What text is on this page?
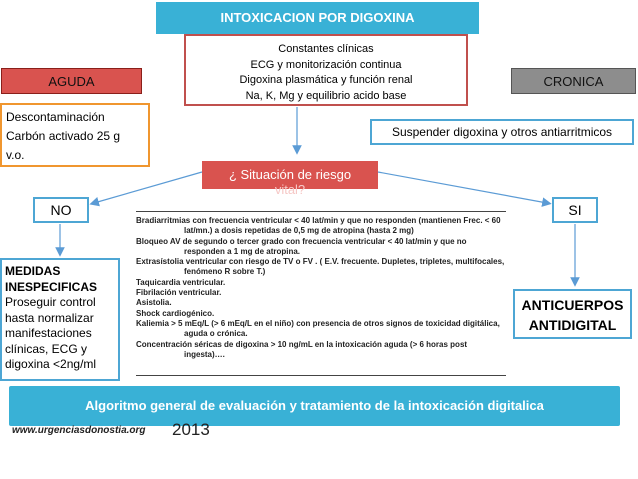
INTOXICACION POR DIGOXINA
Constantes clínicas
ECG y monitorización continua
Digoxina plasmática y función renal
Na, K, Mg y equilibrio acido base
AGUDA	CRONICA
Descontaminación
Carbón activado 25 g
v.o.
Suspender digoxina y otros antiarritmicos
¿ Situación de riesgo
vital?
NO	SI
MEDIDAS
INESPECIFICAS
Proseguir control
hasta normalizar
manifestaciones
clínicas, ECG y
digoxina <2ng/ml
ANTICUERPOS
ANTIDIGITAL
Bradiarritmias con frecuencia ventricular < 40 lat/min y que no responden (mantienen Frec. < 60 lat/mn.) a dosis repetidas de 0,5 mg de atropina (hasta 2 mg)
Bloqueo AV de segundo o tercer grado con frecuencia ventricular < 40 lat/min y que no responden a 1 mg de atropina.
Extrasístolia ventricular con riesgo de TV o FV . ( E.V. frecuente. Dupletes, tripletes, multifocales, fenómeno R sobre T.)
Taquicardia ventricular.
Fibrilación ventricular.
Asistolia.
Shock cardiogénico.
Kaliemia > 5 mEq/L (> 6 mEq/L en el niño) con presencia de otros signos de toxicidad digitálica, aguda o crónica.
Concentración séricas de digoxina > 10 ng/mL en la intoxicación aguda (> 6 horas post ingesta)….
Algoritmo general de evaluación y tratamiento de la intoxicación digitalica
www.urgenciasdonostia.org 2013
